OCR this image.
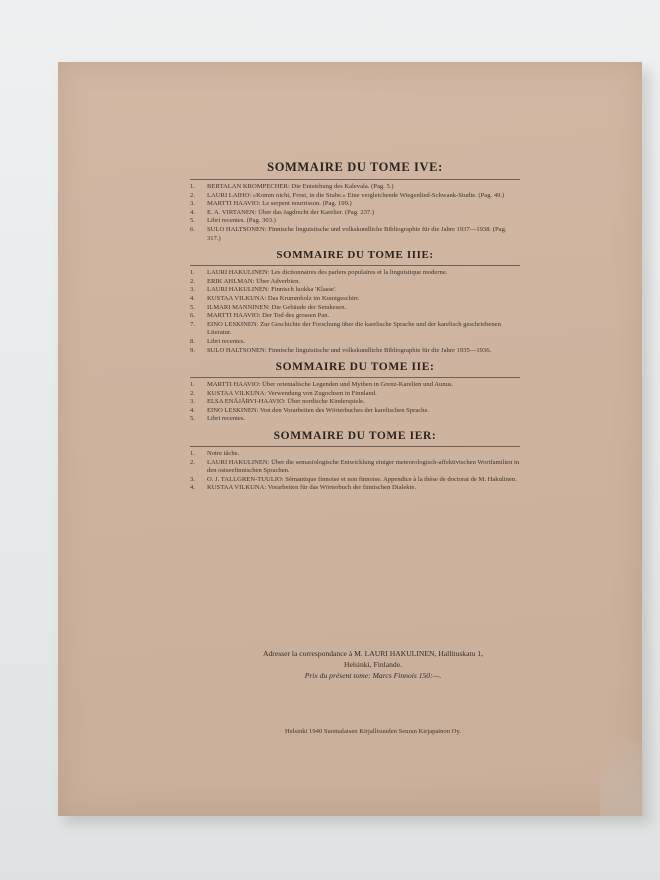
SOMMAIRE DU TOME IVE:

1. BERTALAN KROMPECHER: Die Entstehung des Kalevala. (Pag. 5.)
2. LAURI LAIHO: »Komm nicht, Frost, in die Stube.« Eine vergleichende Wiegenlied-Schwank-Studie. (Pag. 49.)
3. MARTTI HAAVIO: Le serpent nourrisson. (Pag. 199.)
4. E. A. VIRTANEN: Über das Jagdrecht der Karelier. (Pag. 237.)
5. Libri recentes. (Pag. 303.)
6. SULO HALTSONEN: Finnische linguistische und volkskundliche Bibliographie für die Jahre 1937—1938. (Pag. 317.)

SOMMAIRE DU TOME IIIE:

1. LAURI HAKULINEN: Les dictionnaires des parlers populaires et la linguistique moderne.
2. ERIK AHLMAN: Über Adverbien.
3. LAURI HAKULINEN: Finnisch luokka 'Klasse'.
4. KUSTAA VILKUNA: Das Krummholz im Kumtgeschirr.
5. ILMARI MANNINEN: Die Gebäude der Setukesen.
6. MARTTI HAAVIO: Der Tod des grossen Pan.
7. EINO LESKINEN: Zur Geschichte der Forschung über die karelische Sprache und der karelisch geschriebenen Literatur.
8. Libri recentes.
9. SULO HALTSONEN: Finnische linguistische und volkskundliche Bibliographie für die Jahre 1935—1936.

SOMMAIRE DU TOME IIE:

1. MARTTI HAAVIO: Über orientalische Legenden und Mythen in Grenz-Karelien und Aunus.
2. KUSTAA VILKUNA: Verwendung von Zugochsen in Finnland.
3. ELSA ENÄJÄRVI-HAAVIO: Über nordische Kinderspiele.
4. EINO LESKINEN: Von den Vorarbeiten des Wörterbuches der karelischen Sprache.
5. Libri recentes.

SOMMAIRE DU TOME IER:

1. Notre tâche.
2. LAURI HAKULINEN: Über die semasiologische Entwicklung einiger meteorologisch-affektivischen Wortfamilien in den ostseefinnischen Sprachen.
3. O. J. TALLGREN-TUULIO: Sémantique finnoise et non finnoise. Appendice à la thèse de doctorat de M. Hakulinen.
4. KUSTAA VILKUNA: Vorarbeiten für das Wörterbuch der finnischen Dialekte.
Adresser la correspondance à M. LAURI HAKULINEN, Hallituskatu 1,
Helsinki, Finlande.
Prix du présent tome: Marcs Finnois 150:—.
Helsinki 1940 Suomalaisen Kirjallisuuden Seuran Kirjapainon Oy.
